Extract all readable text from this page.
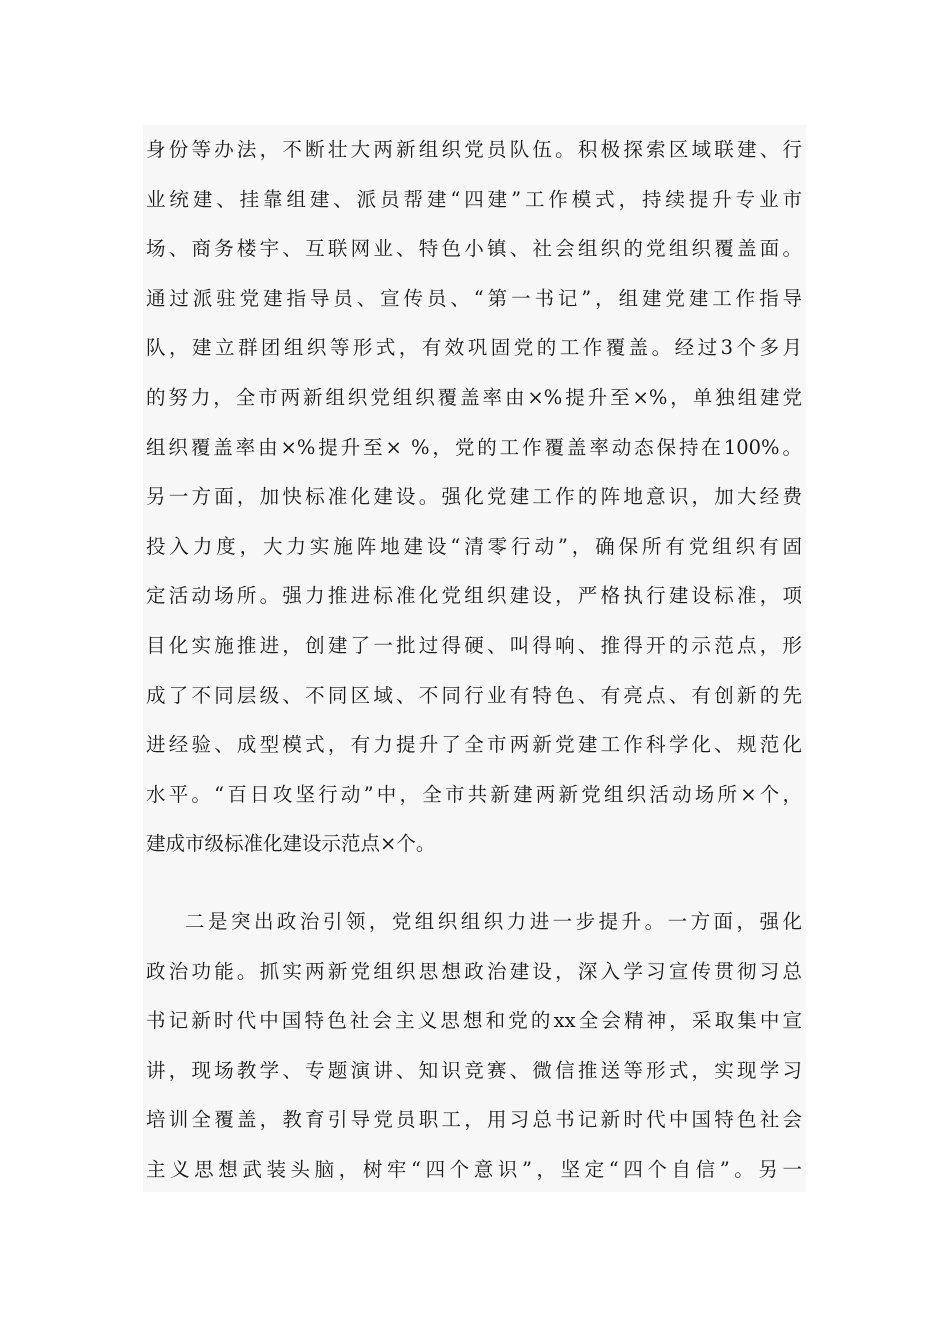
身份等办法，不断壮大两新组织党员队伍。积极探索区域联建、行
业统建、挂靠组建、派员帮建“四建”工作模式，持续提升专业市
场、商务楼宇、互联网业、特色小镇、社会组织的党组织覆盖面。
通过派驻党建指导员、宣传员、“第一书记”，组建党建工作指导
队，建立群团组织等形式，有效巩固党的工作覆盖。经过3个多月
的努力，全市两新组织党组织覆盖率由×%提升至×%，单独组建党
组织覆盖率由×%提升至× %，党的工作覆盖率动态保持在100%。
另一方面，加快标准化建设。强化党建工作的阵地意识，加大经费
投入力度，大力实施阵地建设“清零行动”，确保所有党组织有固
定活动场所。强力推进标准化党组织建设，严格执行建设标准，项
目化实施推进，创建了一批过得硬、叫得响、推得开的示范点，形
成了不同层级、不同区域、不同行业有特色、有亮点、有创新的先
进经验、成型模式，有力提升了全市两新党建工作科学化、规范化
水平。“百日攻坚行动”中，全市共新建两新党组织活动场所×个，
建成市级标准化建设示范点×个。
二是突出政治引领，党组织组织力进一步提升。一方面，强化
政治功能。抓实两新党组织思想政治建设，深入学习宣传贯彻习总
书记新时代中国特色社会主义思想和党的xx全会精神，采取集中宣
讲，现场教学、专题演讲、知识竞赛、微信推送等形式，实现学习
培训全覆盖，教育引导党员职工，用习总书记新时代中国特色社会
主义思想武装头脑，树牢“四个意识”，坚定“四个自信”。另一
